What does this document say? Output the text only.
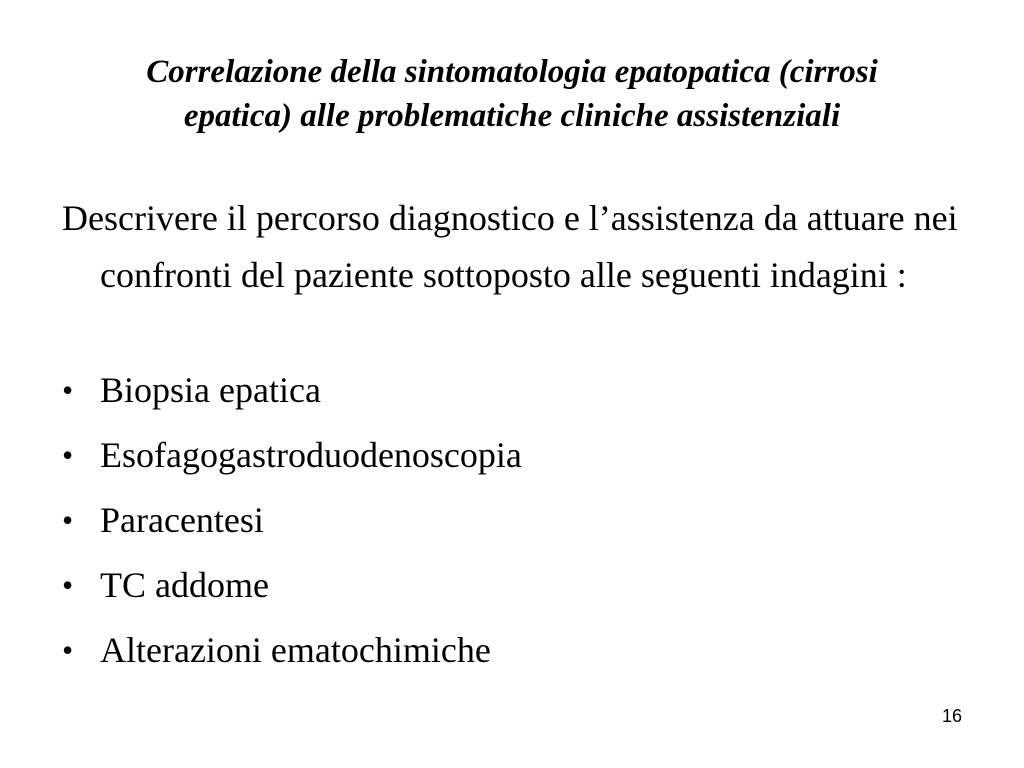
Correlazione della sintomatologia epatopatica (cirrosi
epatica) alle problematiche cliniche assistenziali

Descrivere il percorso diagnostico e l’assistenza da attuare nei confronti del paziente sottoposto alle seguenti indagini :

• Biopsia epatica
• Esofagogastroduodenoscopia
• Paracentesi
• TC addome
• Alterazioni ematochimiche
16
